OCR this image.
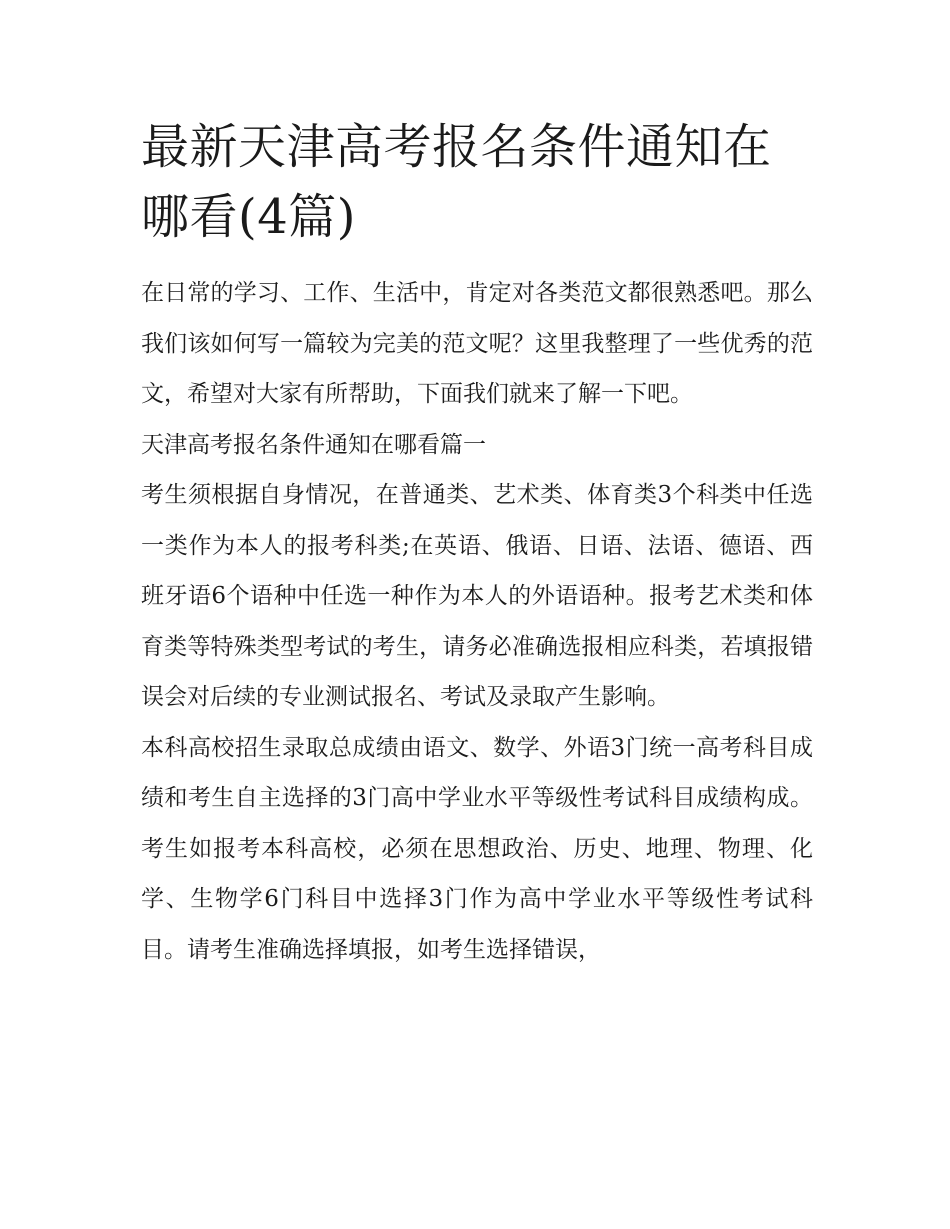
最新天津高考报名条件通知在哪看(4篇)

在日常的学习、工作、生活中，肯定对各类范文都很熟悉吧。那么我们该如何写一篇较为完美的范文呢？这里我整理了一些优秀的范文，希望对大家有所帮助，下面我们就来了解一下吧。

天津高考报名条件通知在哪看篇一

考生须根据自身情况，在普通类、艺术类、体育类3个科类中任选一类作为本人的报考科类;在英语、俄语、日语、法语、德语、西班牙语6个语种中任选一种作为本人的外语语种。报考艺术类和体育类等特殊类型考试的考生，请务必准确选报相应科类，若填报错误会对后续的专业测试报名、考试及录取产生影响。

本科高校招生录取总成绩由语文、数学、外语3门统一高考科目成绩和考生自主选择的3门高中学业水平等级性考试科目成绩构成。考生如报考本科高校，必须在思想政治、历史、地理、物理、化学、生物学6门科目中选择3门作为高中学业水平等级性考试科目。请考生准确选择填报，如考生选择错误，
